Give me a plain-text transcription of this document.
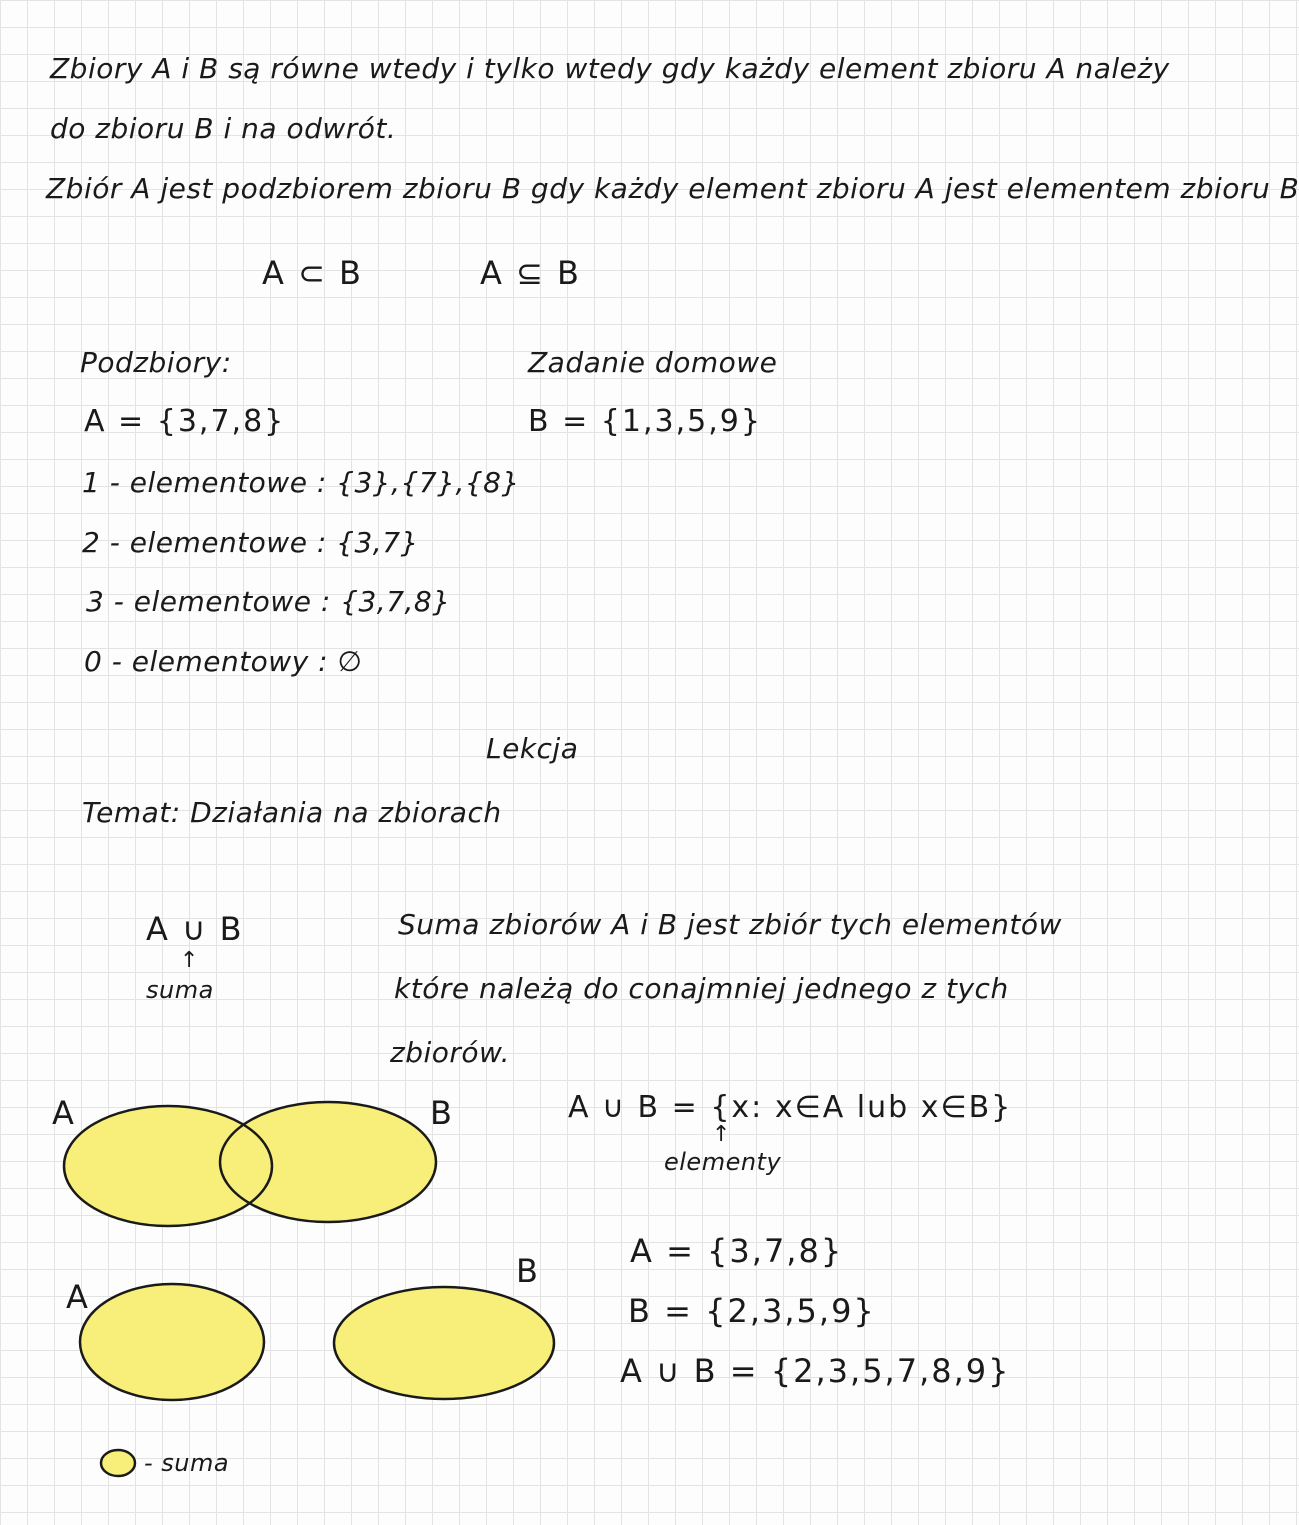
Zbiory A i B są równe wtedy i tylko wtedy gdy każdy element zbioru A należy
do zbioru B i na odwrót.
Zbiór A jest podzbiorem zbioru B gdy każdy element zbioru A jest elementem zbioru B
A ⊂ B	A ⊆ B
Podzbiory:
A = {3,7,8}
1 - elementowe : {3},{7},{8}
2 - elementowe : {3,7}
3 - elementowe : {3,7,8}
0 - elementowy : ∅
Zadanie domowe
B = {1,3,5,9}
Lekcja
Temat: Działania na zbiorach
A ∪ B
↑
suma
Suma zbiorów A i B jest zbiór tych elementów
które należą do conajmniej jednego z tych
zbiorów.
A ∪ B = {x: x∈A lub x∈B}
↑
elementy
A = {3,7,8}
B = {2,3,5,9}
A ∪ B = {2,3,5,7,8,9}
A	B
A
B
- suma
